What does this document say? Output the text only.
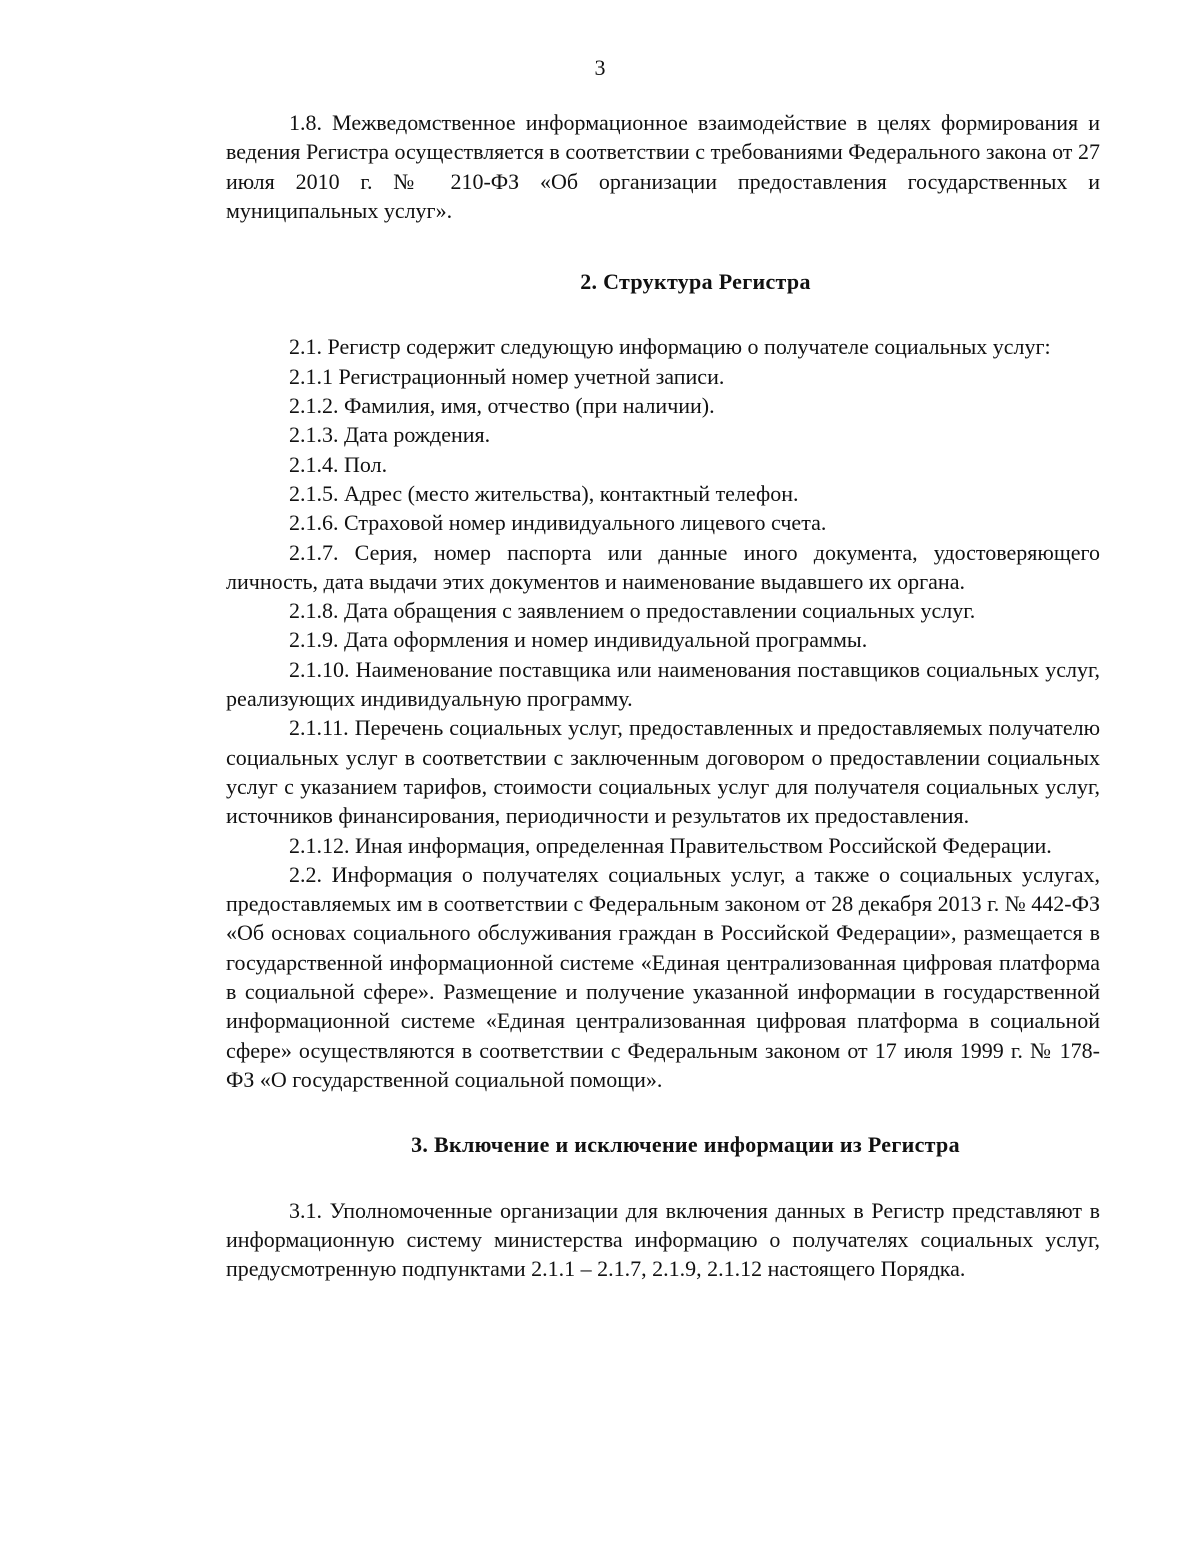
3

1.8. Межведомственное информационное взаимодействие в целях формирования и ведения Регистра осуществляется в соответствии с требованиями Федерального закона от 27 июля 2010 г. № 210-ФЗ «Об организации предоставления государственных и муниципальных услуг».

2. Структура Регистра

2.1. Регистр содержит следующую информацию о получателе социальных услуг:

2.1.1 Регистрационный номер учетной записи.

2.1.2. Фамилия, имя, отчество (при наличии).

2.1.3. Дата рождения.

2.1.4. Пол.

2.1.5. Адрес (место жительства), контактный телефон.

2.1.6. Страховой номер индивидуального лицевого счета.

2.1.7. Серия, номер паспорта или данные иного документа, удостоверяющего личность, дата выдачи этих документов и наименование выдавшего их органа.

2.1.8. Дата обращения с заявлением о предоставлении социальных услуг.

2.1.9. Дата оформления и номер индивидуальной программы.

2.1.10. Наименование поставщика или наименования поставщиков социальных услуг, реализующих индивидуальную программу.

2.1.11. Перечень социальных услуг, предоставленных и предоставляемых получателю социальных услуг в соответствии с заключенным договором о предоставлении социальных услуг с указанием тарифов, стоимости социальных услуг для получателя социальных услуг, источников финансирования, периодичности и результатов их предоставления.

2.1.12. Иная информация, определенная Правительством Российской Федерации.

2.2. Информация о получателях социальных услуг, а также о социальных услугах, предоставляемых им в соответствии с Федеральным законом от 28 декабря 2013 г. № 442-ФЗ «Об основах социального обслуживания граждан в Российской Федерации», размещается в государственной информационной системе «Единая централизованная цифровая платформа в социальной сфере». Размещение и получение указанной информации в государственной информационной системе «Единая централизованная цифровая платформа в социальной сфере» осуществляются в соответствии с Федеральным законом от 17 июля 1999 г. № 178-ФЗ «О государственной социальной помощи».

3. Включение и исключение информации из Регистра

3.1. Уполномоченные организации для включения данных в Регистр представляют в информационную систему министерства информацию о получателях социальных услуг, предусмотренную подпунктами 2.1.1 – 2.1.7, 2.1.9, 2.1.12 настоящего Порядка.
